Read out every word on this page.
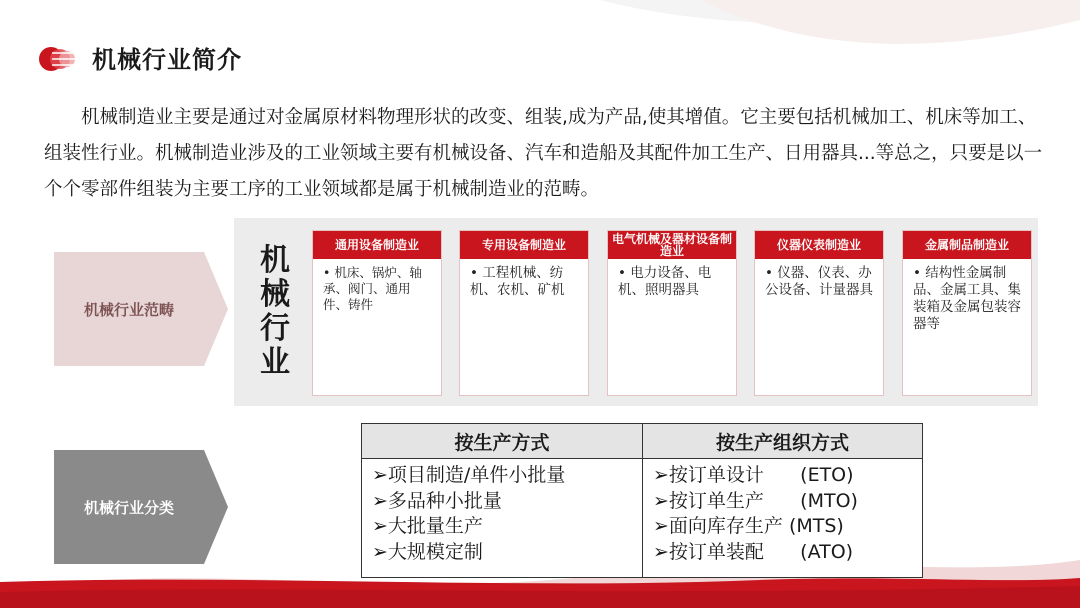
机械行业简介

机械制造业主要是通过对金属原材料物理形状的改变、组装,成为产品,使其增值。它主要包括机械加工、机床等加工、组装性行业。机械制造业涉及的工业领域主要有机械设备、汽车和造船及其配件加工生产、日用器具...等总之，只要是以一个个零部件组装为主要工序的工业领域都是属于机械制造业的范畴。

机械行业范畴
机
械
行
业
通用设备制造业
• 机床、锅炉、轴承、阀门、通用件、铸件
专用设备制造业
• 工程机械、纺机、农机、矿机
电气机械及器材设备制造业
• 电力设备、电机、照明器具
仪器仪表制造业
• 仪器、仪表、办公设备、计量器具
金属制品制造业
• 结构性金属制品、金属工具、集装箱及金属包装容器等
机械行业分类
按生产方式
➢项目制造/单件小批量
➢多品种小批量
➢大批量生产
➢大规模定制
按生产组织方式
➢按订单设计      (ETO)
➢按订单生产      (MTO)
➢面向库存生产 (MTS)
➢按订单装配      (ATO)
